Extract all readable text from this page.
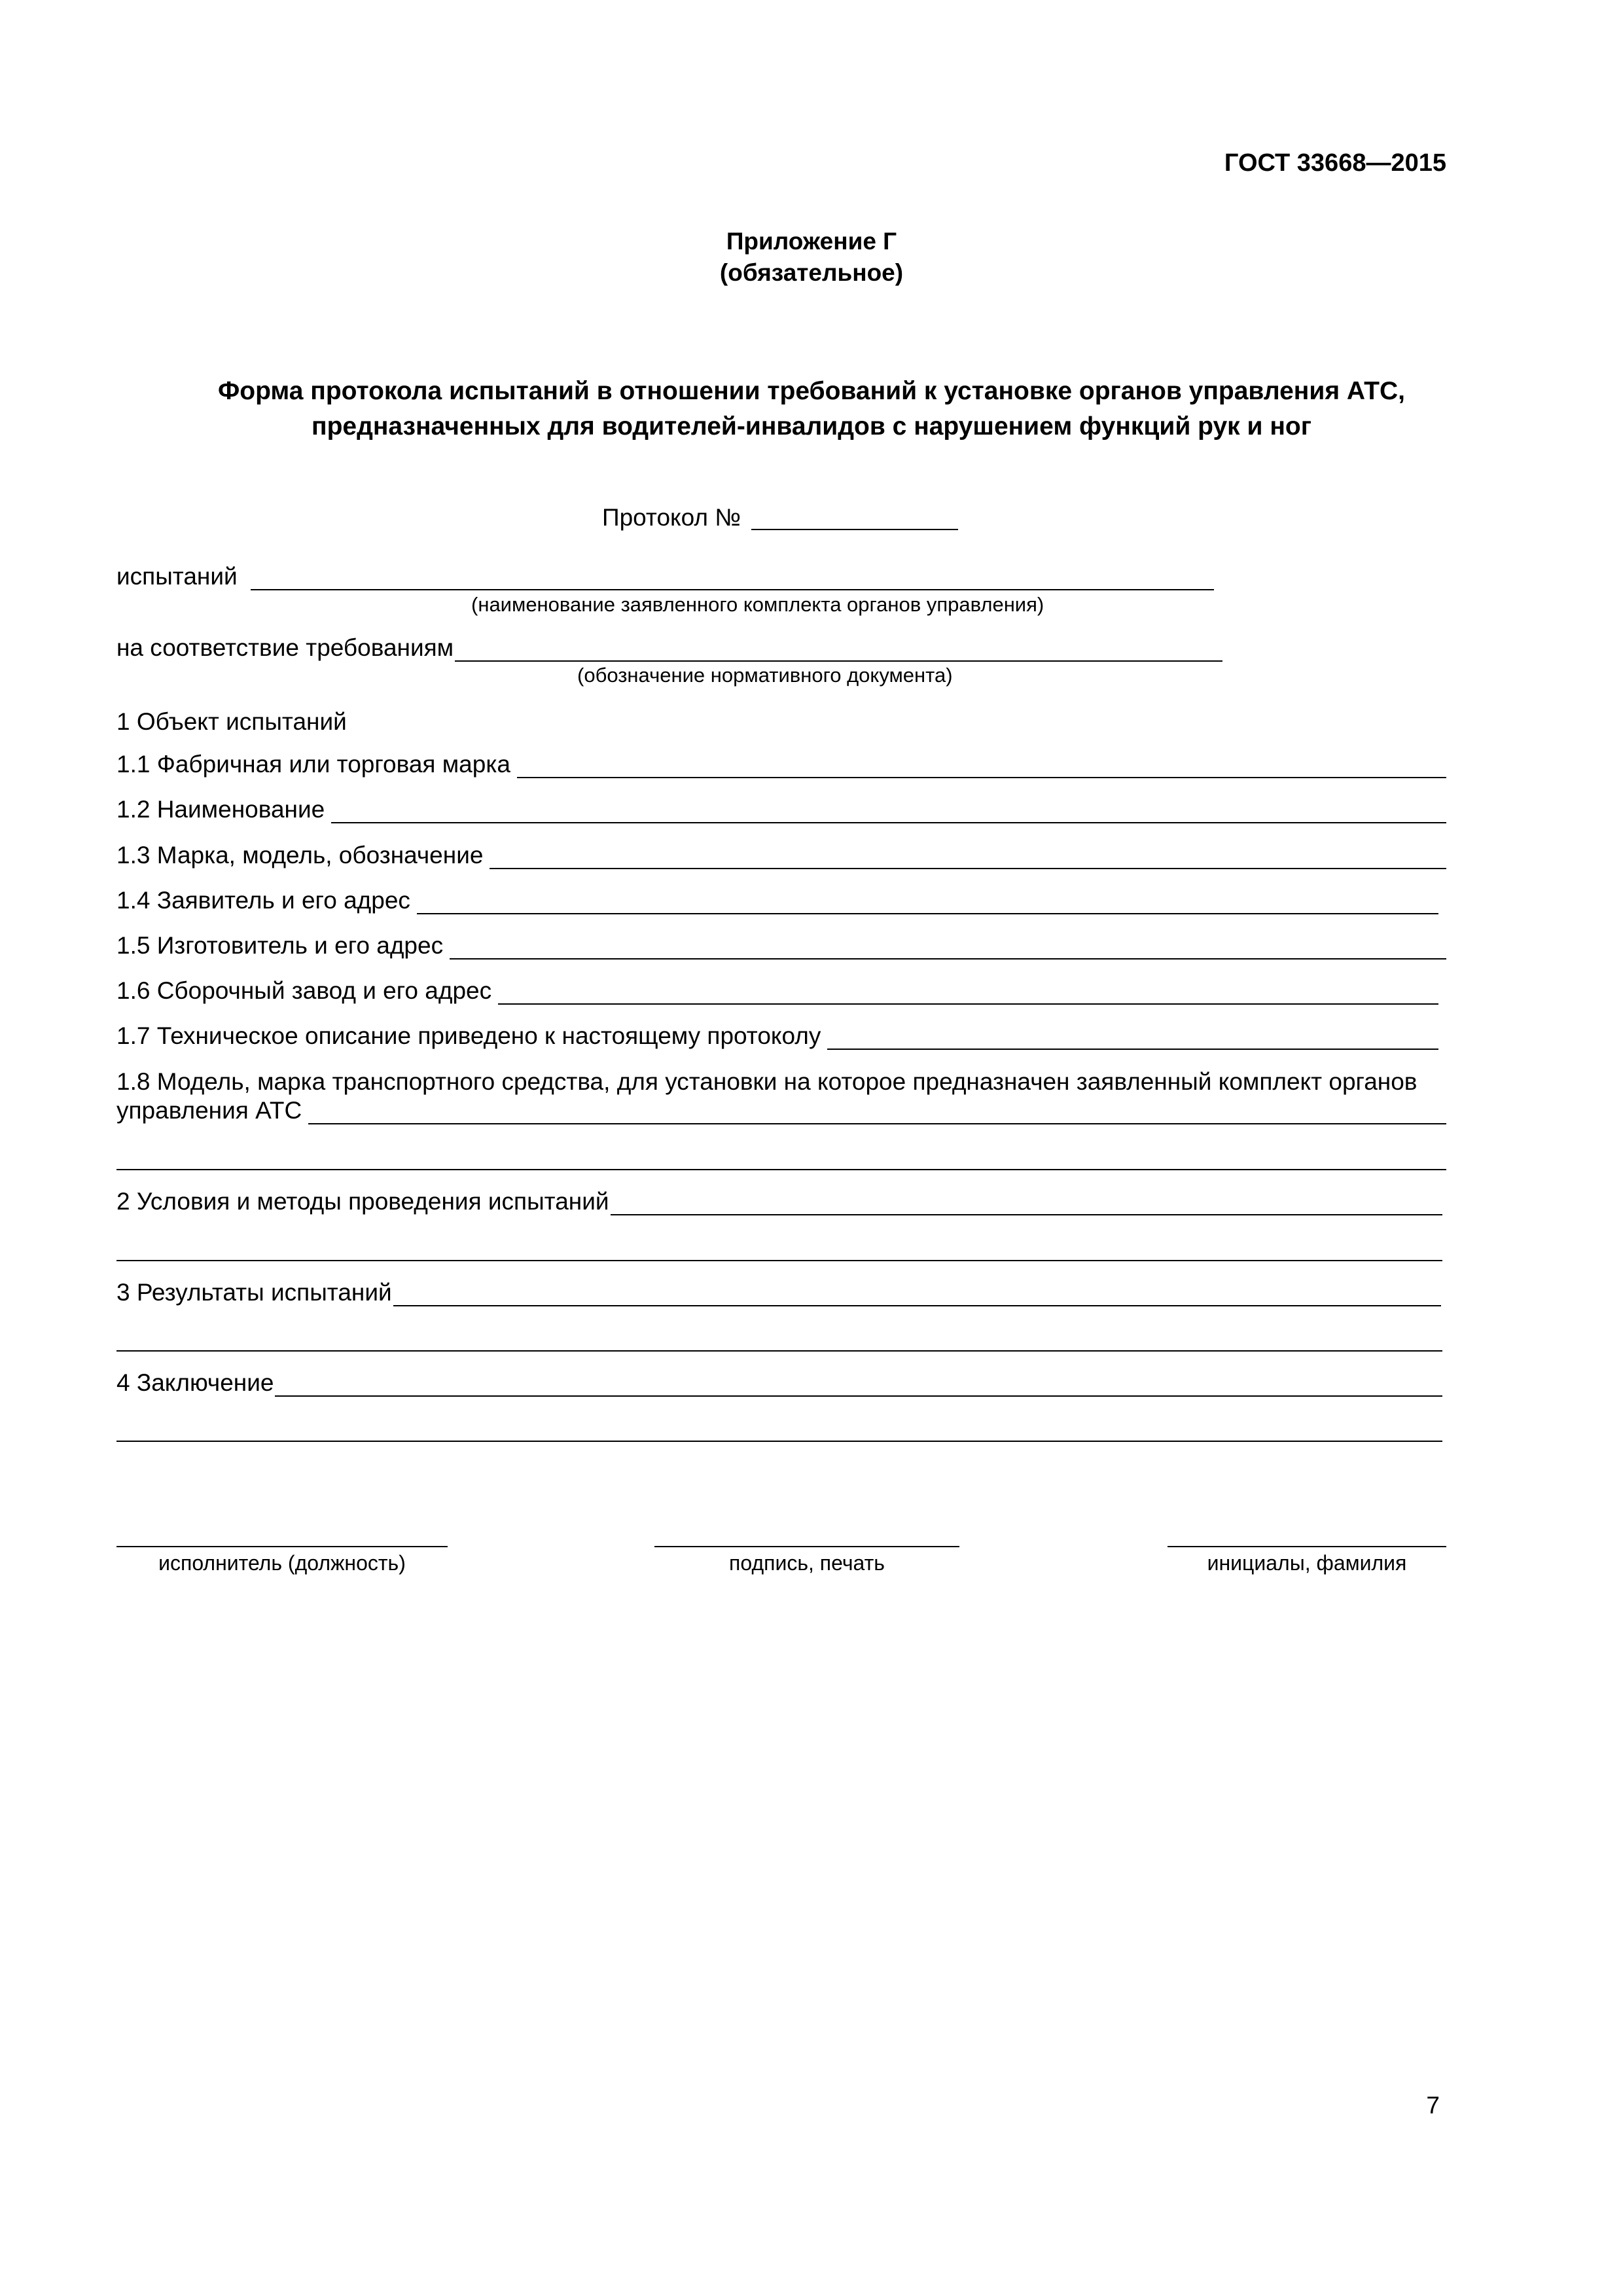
ГОСТ 33668—2015
Приложение Г
(обязательное)
Форма протокола испытаний в отношении требований к установке органов управления АТС,
предназначенных для водителей-инвалидов с нарушением функций рук и ног
Протокол №
испытаний
(наименование заявленного комплекта органов управления)
на соответствие требованиям
(обозначение нормативного документа)
1 Объект испытаний
1.1 Фабричная или торговая марка
1.2 Наименование
1.3 Марка, модель, обозначение
1.4 Заявитель и его адрес
1.5 Изготовитель и его адрес
1.6 Сборочный завод и его адрес
1.7 Техническое описание приведено к настоящему протоколу
1.8 Модель, марка транспортного средства, для установки на которое предназначен заявленный комплект органов
управления АТС
2 Условия и методы проведения испытаний
3 Результаты испытаний
4 Заключение
исполнитель (должность)	подпись, печать	инициалы, фамилия
7
